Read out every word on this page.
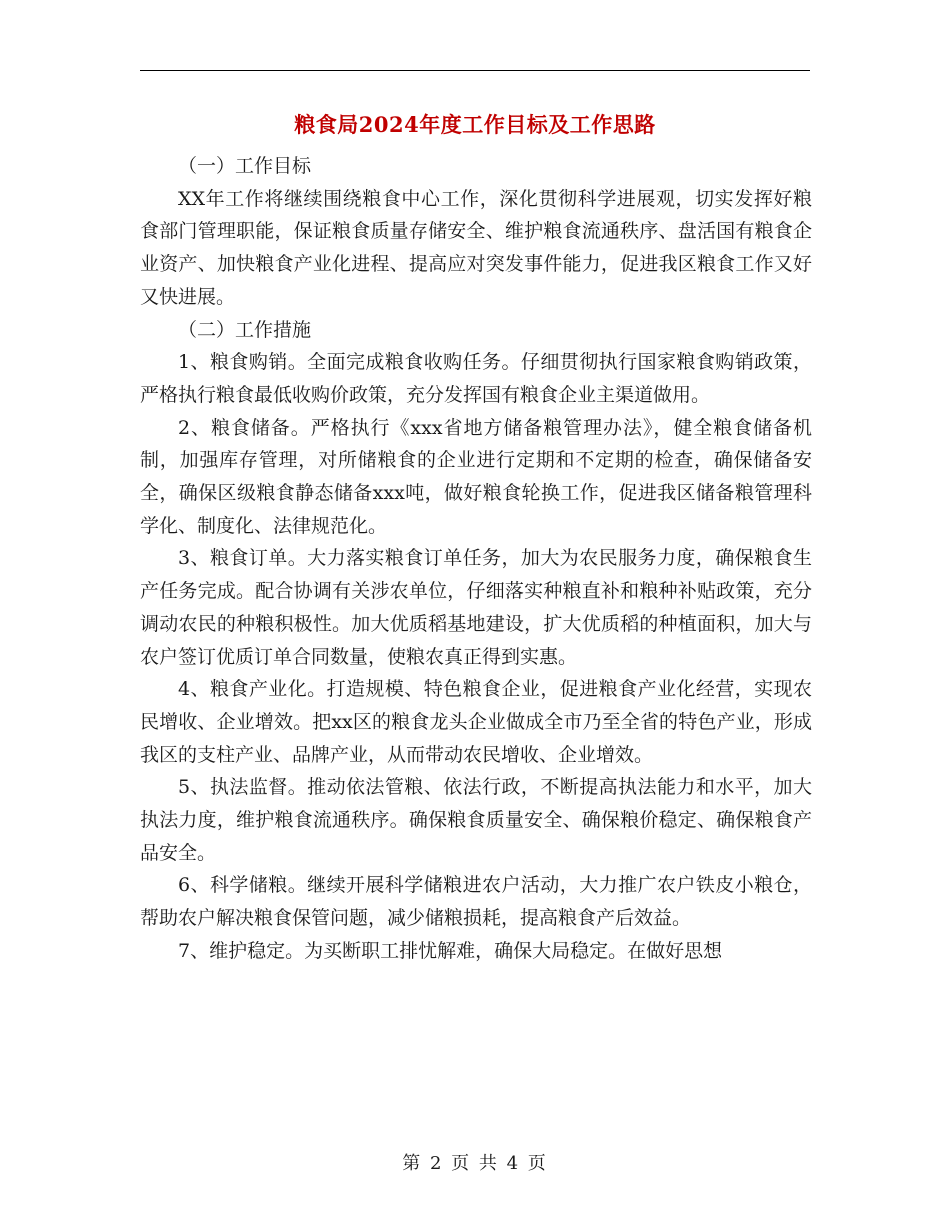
粮食局2024年度工作目标及工作思路

（一）工作目标

XX年工作将继续围绕粮食中心工作，深化贯彻科学进展观，切实发挥好粮食部门管理职能，保证粮食质量存储安全、维护粮食流通秩序、盘活国有粮食企业资产、加快粮食产业化进程、提高应对突发事件能力，促进我区粮食工作又好又快进展。

（二）工作措施

1、粮食购销。全面完成粮食收购任务。仔细贯彻执行国家粮食购销政策，严格执行粮食最低收购价政策，充分发挥国有粮食企业主渠道做用。

2、粮食储备。严格执行《xxx省地方储备粮管理办法》，健全粮食储备机制，加强库存管理，对所储粮食的企业进行定期和不定期的检查，确保储备安全，确保区级粮食静态储备xxx吨，做好粮食轮换工作，促进我区储备粮管理科学化、制度化、法律规范化。

3、粮食订单。大力落实粮食订单任务，加大为农民服务力度，确保粮食生产任务完成。配合协调有关涉农单位，仔细落实种粮直补和粮种补贴政策，充分调动农民的种粮积极性。加大优质稻基地建设，扩大优质稻的种植面积，加大与农户签订优质订单合同数量，使粮农真正得到实惠。

4、粮食产业化。打造规模、特色粮食企业，促进粮食产业化经营，实现农民增收、企业增效。把xx区的粮食龙头企业做成全市乃至全省的特色产业，形成我区的支柱产业、品牌产业，从而带动农民增收、企业增效。

5、执法监督。推动依法管粮、依法行政，不断提高执法能力和水平，加大执法力度，维护粮食流通秩序。确保粮食质量安全、确保粮价稳定、确保粮食产品安全。

6、科学储粮。继续开展科学储粮进农户活动，大力推广农户铁皮小粮仓，帮助农户解决粮食保管问题，减少储粮损耗，提高粮食产后效益。

7、维护稳定。为买断职工排忧解难，确保大局稳定。在做好思想

第 2 页 共 4 页
